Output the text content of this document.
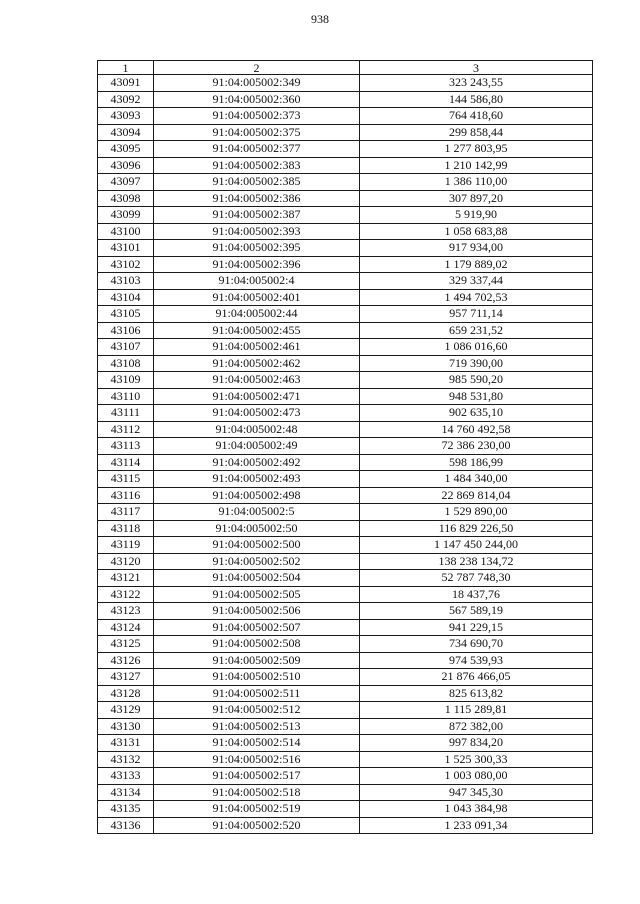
938
1	2	3
43091	91:04:005002:349	323 243,55
43092	91:04:005002:360	144 586,80
43093	91:04:005002:373	764 418,60
43094	91:04:005002:375	299 858,44
43095	91:04:005002:377	1 277 803,95
43096	91:04:005002:383	1 210 142,99
43097	91:04:005002:385	1 386 110,00
43098	91:04:005002:386	307 897,20
43099	91:04:005002:387	5 919,90
43100	91:04:005002:393	1 058 683,88
43101	91:04:005002:395	917 934,00
43102	91:04:005002:396	1 179 889,02
43103	91:04:005002:4	329 337,44
43104	91:04:005002:401	1 494 702,53
43105	91:04:005002:44	957 711,14
43106	91:04:005002:455	659 231,52
43107	91:04:005002:461	1 086 016,60
43108	91:04:005002:462	719 390,00
43109	91:04:005002:463	985 590,20
43110	91:04:005002:471	948 531,80
43111	91:04:005002:473	902 635,10
43112	91:04:005002:48	14 760 492,58
43113	91:04:005002:49	72 386 230,00
43114	91:04:005002:492	598 186,99
43115	91:04:005002:493	1 484 340,00
43116	91:04:005002:498	22 869 814,04
43117	91:04:005002:5	1 529 890,00
43118	91:04:005002:50	116 829 226,50
43119	91:04:005002:500	1 147 450 244,00
43120	91:04:005002:502	138 238 134,72
43121	91:04:005002:504	52 787 748,30
43122	91:04:005002:505	18 437,76
43123	91:04:005002:506	567 589,19
43124	91:04:005002:507	941 229,15
43125	91:04:005002:508	734 690,70
43126	91:04:005002:509	974 539,93
43127	91:04:005002:510	21 876 466,05
43128	91:04:005002:511	825 613,82
43129	91:04:005002:512	1 115 289,81
43130	91:04:005002:513	872 382,00
43131	91:04:005002:514	997 834,20
43132	91:04:005002:516	1 525 300,33
43133	91:04:005002:517	1 003 080,00
43134	91:04:005002:518	947 345,30
43135	91:04:005002:519	1 043 384,98
43136	91:04:005002:520	1 233 091,34
